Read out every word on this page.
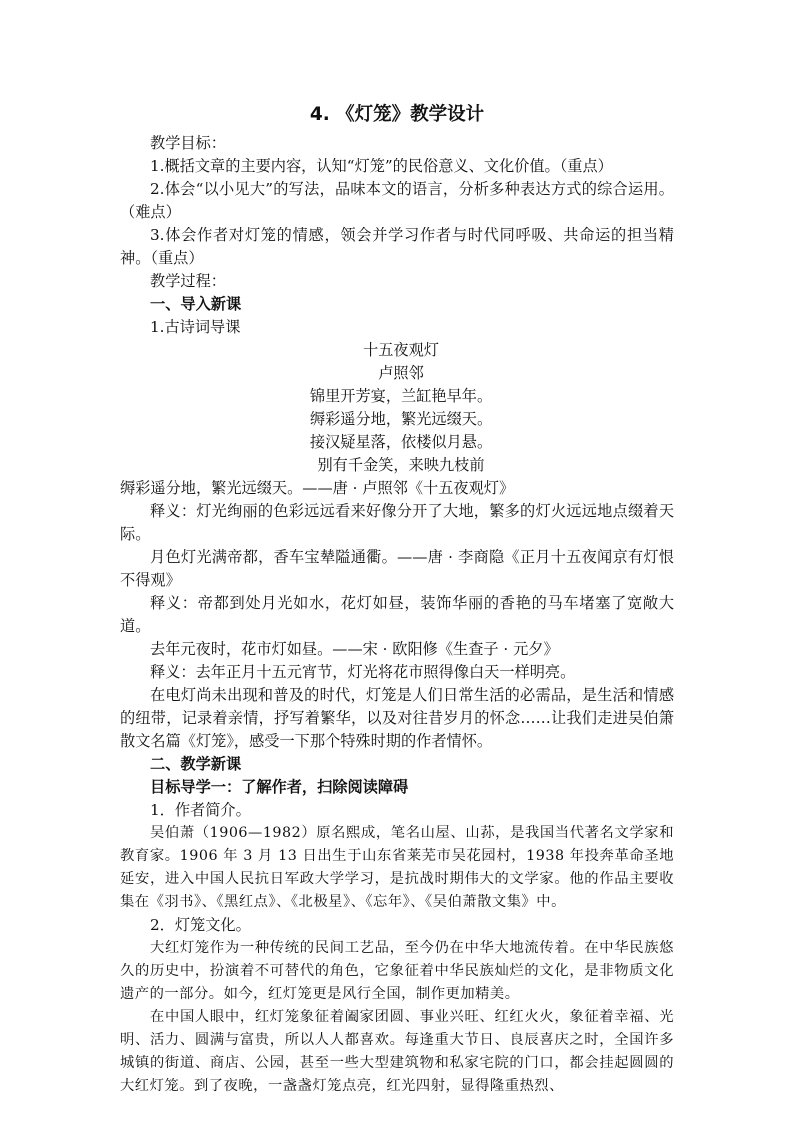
4. 《灯笼》教学设计

教学目标：

1.概括文章的主要内容，认知“灯笼”的民俗意义、文化价值。（重点）

2.体会“以小见大”的写法，品味本文的语言，分析多种表达方式的综合运用。（难点）

3.体会作者对灯笼的情感，领会并学习作者与时代同呼吸、共命运的担当精神。（重点）

教学过程：

一、导入新课

1.古诗词导课

十五夜观灯

卢照邻

锦里开芳宴，兰缸艳早年。

缛彩遥分地，繁光远缀天。

接汉疑星落，依楼似月悬。

别有千金笑，来映九枝前

缛彩遥分地，繁光远缀天。——唐 · 卢照邻《十五夜观灯》

释义：灯光绚丽的色彩远远看来好像分开了大地，繁多的灯火远远地点缀着天际。

月色灯光满帝都，香车宝辇隘通衢。——唐 · 李商隐《正月十五夜闻京有灯恨不得观》

释义：帝都到处月光如水，花灯如昼，装饰华丽的香艳的马车堵塞了宽敞大道。

去年元夜时，花市灯如昼。——宋 · 欧阳修《生查子 · 元夕》

释义：去年正月十五元宵节，灯光将花市照得像白天一样明亮。

在电灯尚未出现和普及的时代，灯笼是人们日常生活的必需品，是生活和情感的纽带，记录着亲情，抒写着繁华，以及对往昔岁月的怀念……让我们走进吴伯箫散文名篇《灯笼》，感受一下那个特殊时期的作者情怀。

二、教学新课

目标导学一：了解作者，扫除阅读障碍

1．作者简介。

吴伯萧（1906—1982）原名熙成，笔名山屋、山荪，是我国当代著名文学家和教育家。1906 年 3 月 13 日出生于山东省莱芜市吴花园村，1938 年投奔革命圣地延安，进入中国人民抗日军政大学学习，是抗战时期伟大的文学家。他的作品主要收集在《羽书》、《黑红点》、《北极星》、《忘年》、《吴伯萧散文集》中。

2．灯笼文化。

大红灯笼作为一种传统的民间工艺品，至今仍在中华大地流传着。在中华民族悠久的历史中，扮演着不可替代的角色，它象征着中华民族灿烂的文化，是非物质文化遗产的一部分。如今，红灯笼更是风行全国，制作更加精美。

在中国人眼中，红灯笼象征着阖家团圆、事业兴旺、红红火火，象征着幸福、光明、活力、圆满与富贵，所以人人都喜欢。每逢重大节日、良辰喜庆之时，全国许多城镇的街道、商店、公园，甚至一些大型建筑物和私家宅院的门口，都会挂起圆圆的大红灯笼。到了夜晚，一盏盏灯笼点亮，红光四射，显得隆重热烈、
